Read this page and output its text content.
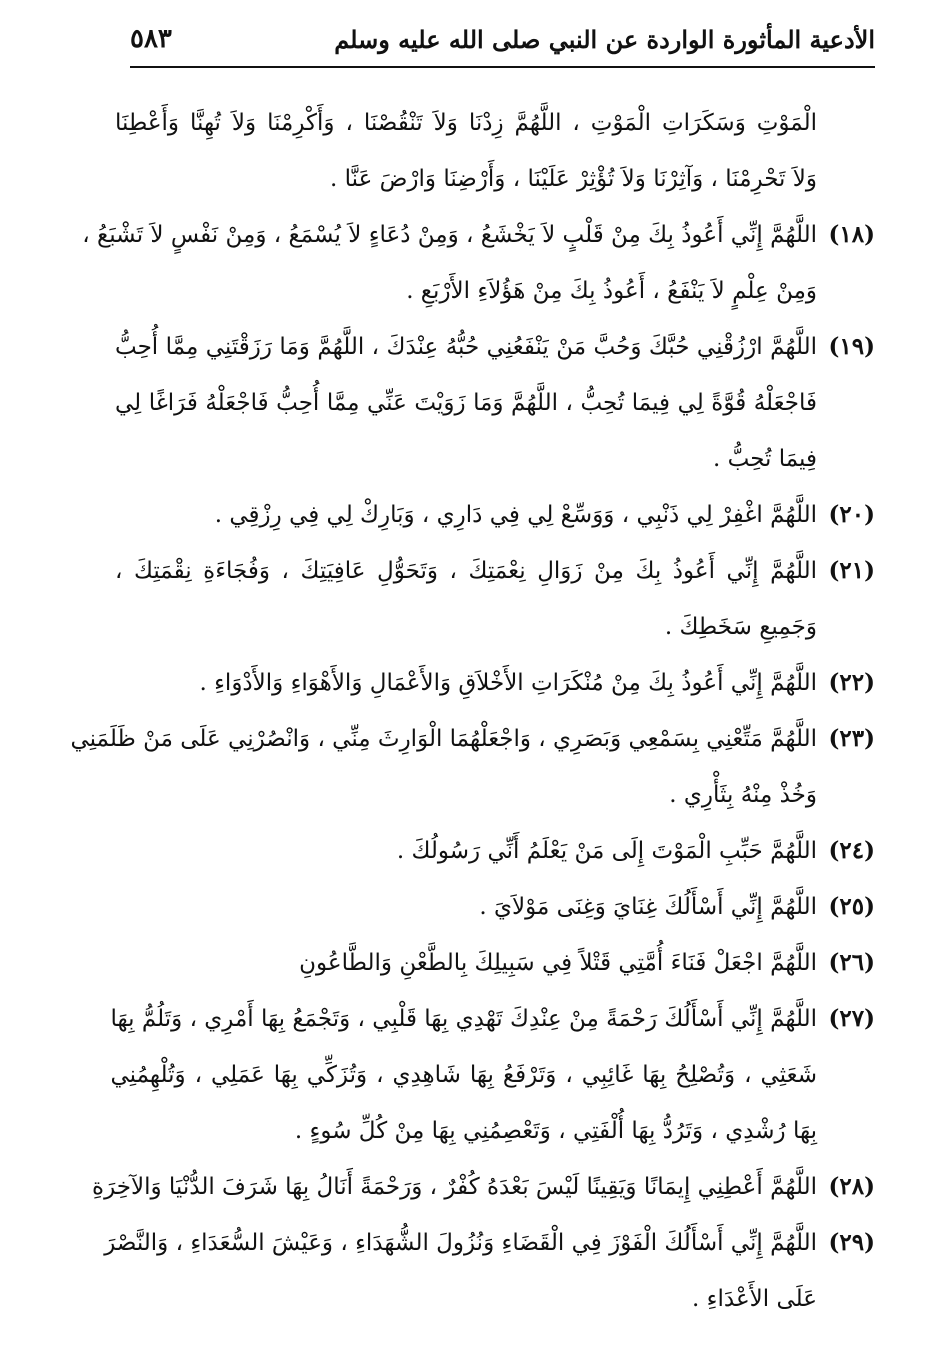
٥٨٣	الأدعية المأثورة الواردة عن النبي صلى الله عليه وسلم
الْمَوْتِ وَسَكَرَاتِ الْمَوْتِ ، اللَّهُمَّ زِدْنَا وَلاَ تَنْقُصْنَا ، وَأَكْرِمْنَا وَلاَ تُهِنَّا وَأَعْطِنَا
وَلاَ تَحْرِمْنَا ، وَآثِرْنَا وَلاَ تُؤْثِرْ عَلَيْنَا ، وَأَرْضِنَا وَارْضَ عَنَّا .
(١٨)
اللَّهُمَّ إِنِّي أَعُوذُ بِكَ مِنْ قَلْبٍ لاَ يَخْشَعُ ، وَمِنْ دُعَاءٍ لاَ يُسْمَعُ ، وَمِنْ نَفْسٍ لاَ تَشْبَعُ ،
وَمِنْ عِلْمٍ لاَ يَنْفَعُ ، أَعُوذُ بِكَ مِنْ هَؤُلاَءِ الأَرْبَعِ .
(١٩)
اللَّهُمَّ ارْزُقْنِي حُبَّكَ وَحُبَّ مَنْ يَنْفَعُنِي حُبُّهُ عِنْدَكَ ، اللَّهُمَّ وَمَا رَزَقْتَنِي مِمَّا أُحِبُّ
فَاجْعَلْهُ قُوَّةً لِي فِيمَا تُحِبُّ ، اللَّهُمَّ وَمَا زَوَيْتَ عَنِّي مِمَّا أُحِبُّ فَاجْعَلْهُ فَرَاغًا لِي
فِيمَا تُحِبُّ .
(٢٠)
اللَّهُمَّ اغْفِرْ لِي ذَنْبِي ، وَوَسِّعْ لِي فِي دَارِي ، وَبَارِكْ لِي فِي رِزْقِي .
(٢١)
اللَّهُمَّ إِنِّي أَعُوذُ بِكَ مِنْ زَوَالِ نِعْمَتِكَ ، وَتَحَوُّلِ عَافِيَتِكَ ، وَفُجَاءَةِ نِقْمَتِكَ ،
وَجَمِيعِ سَخَطِكَ .
(٢٢)
اللَّهُمَّ إِنِّي أَعُوذُ بِكَ مِنْ مُنْكَرَاتِ الأَخْلاَقِ وَالأَعْمَالِ وَالأَهْوَاءِ وَالأَدْوَاءِ .
(٢٣)
اللَّهُمَّ مَتِّعْنِي بِسَمْعِي وَبَصَرِي ، وَاجْعَلْهُمَا الْوَارِثَ مِنِّي ، وَانْصُرْنِي عَلَى مَنْ ظَلَمَنِي
وَخُذْ مِنْهُ بِثَأْرِي .
(٢٤)
اللَّهُمَّ حَبِّبِ الْمَوْتَ إِلَى مَنْ يَعْلَمُ أَنِّي رَسُولُكَ .
(٢٥)
اللَّهُمَّ إِنِّي أَسْأَلُكَ غِنَايَ وَغِنَى مَوْلاَيَ .
(٢٦)
اللَّهُمَّ اجْعَلْ فَنَاءَ أُمَّتِي قَتْلاً فِي سَبِيلِكَ بِالطَّعْنِ وَالطَّاعُونِ
(٢٧)
اللَّهُمَّ إِنِّي أَسْأَلُكَ رَحْمَةً مِنْ عِنْدِكَ تَهْدِي بِهَا قَلْبِي ، وَتَجْمَعُ بِهَا أَمْرِي ، وَتَلُمُّ بِهَا
شَعَثِي ، وَتُصْلِحُ بِهَا غَائِبِي ، وَتَرْفَعُ بِهَا شَاهِدِي ، وَتُزَكِّي بِهَا عَمَلِي ، وَتُلْهِمُنِي
بِهَا رُشْدِي ، وَتَرُدُّ بِهَا أُلْفَتِي ، وَتَعْصِمُنِي بِهَا مِنْ كُلِّ سُوءٍ .
(٢٨)
اللَّهُمَّ أَعْطِنِي إِيمَانًا وَيَقِينًا لَيْسَ بَعْدَهُ كُفْرٌ ، وَرَحْمَةً أَنَالُ بِهَا شَرَفَ الدُّنْيَا وَالآخِرَةِ
(٢٩)
اللَّهُمَّ إِنِّي أَسْأَلُكَ الْفَوْزَ فِي الْقَضَاءِ وَنُزُولَ الشُّهَدَاءِ ، وَعَيْشَ السُّعَدَاءِ ، وَالنَّصْرَ
عَلَى الأَعْدَاءِ .
